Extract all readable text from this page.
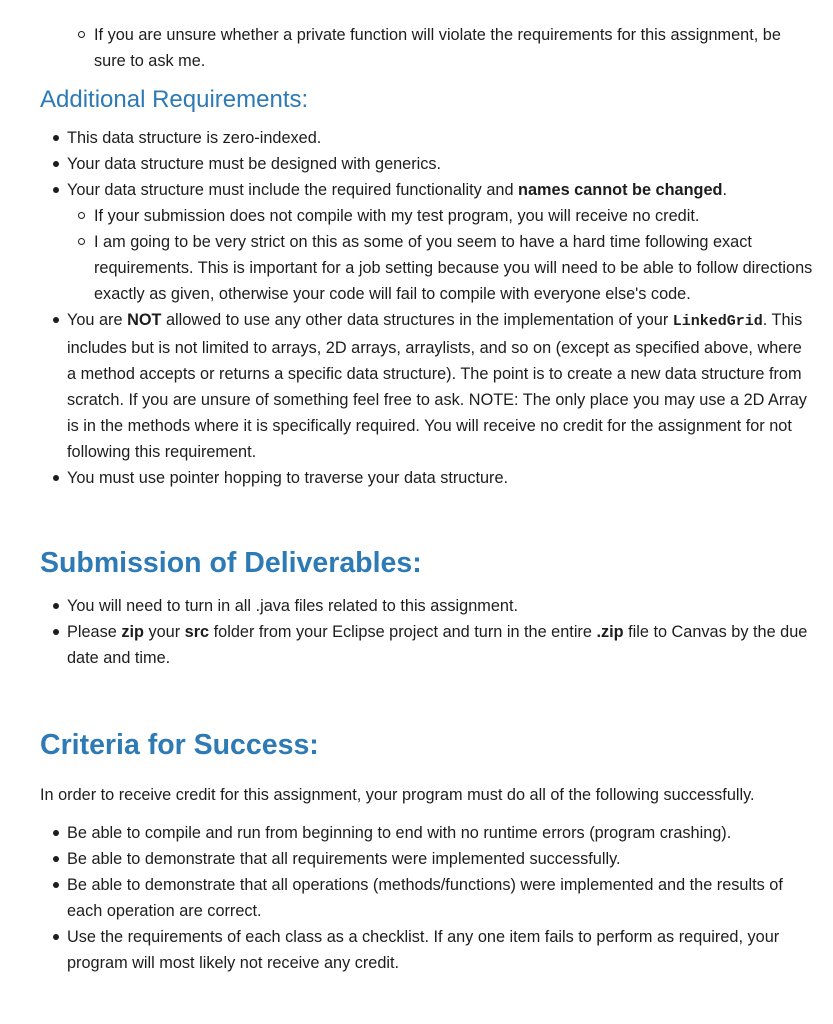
If you are unsure whether a private function will violate the requirements for this assignment, be sure to ask me.
Additional Requirements:
This data structure is zero-indexed.
Your data structure must be designed with generics.
Your data structure must include the required functionality and names cannot be changed.
If your submission does not compile with my test program, you will receive no credit.
I am going to be very strict on this as some of you seem to have a hard time following exact requirements. This is important for a job setting because you will need to be able to follow directions exactly as given, otherwise your code will fail to compile with everyone else's code.
You are NOT allowed to use any other data structures in the implementation of your LinkedGrid. This includes but is not limited to arrays, 2D arrays, arraylists, and so on (except as specified above, where a method accepts or returns a specific data structure). The point is to create a new data structure from scratch. If you are unsure of something feel free to ask. NOTE: The only place you may use a 2D Array is in the methods where it is specifically required. You will receive no credit for the assignment for not following this requirement.
You must use pointer hopping to traverse your data structure.
Submission of Deliverables:
You will need to turn in all .java files related to this assignment.
Please zip your src folder from your Eclipse project and turn in the entire .zip file to Canvas by the due date and time.
Criteria for Success:

In order to receive credit for this assignment, your program must do all of the following successfully.

Be able to compile and run from beginning to end with no runtime errors (program crashing).
Be able to demonstrate that all requirements were implemented successfully.
Be able to demonstrate that all operations (methods/functions) were implemented and the results of each operation are correct.
Use the requirements of each class as a checklist. If any one item fails to perform as required, your program will most likely not receive any credit.
